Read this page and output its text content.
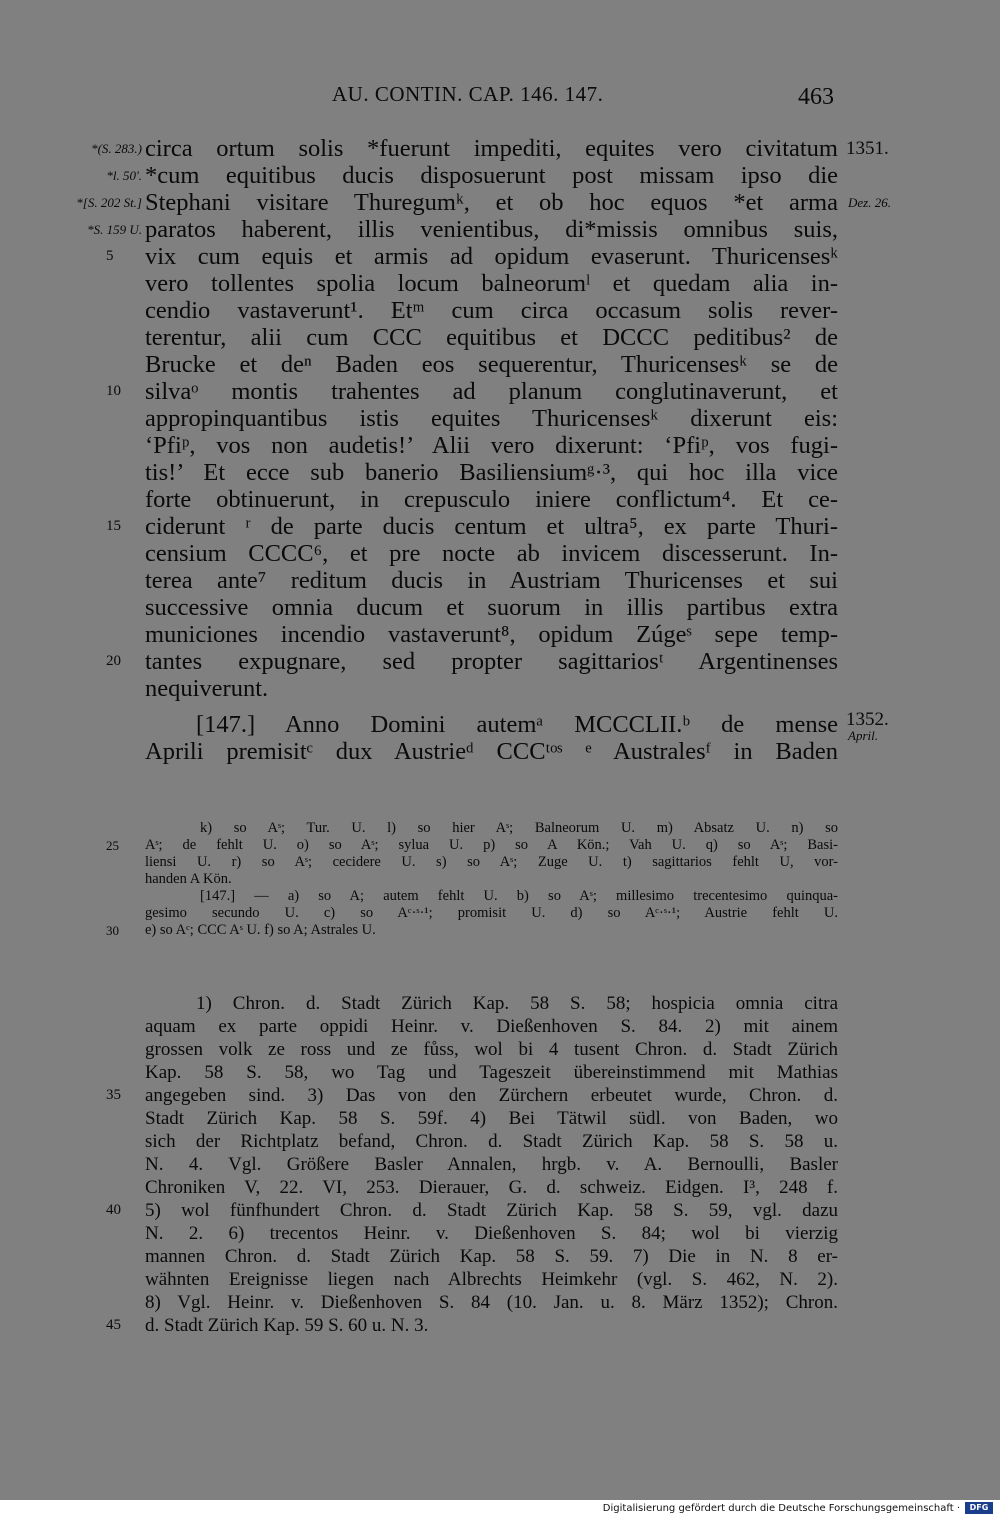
AU. CONTIN. CAP. 146. 147.	463
circa ortum solis *fuerunt impediti, equites vero civitatum
*cum equitibus ducis disposuerunt post missam ipso die
Stephani visitare Thuregumᵏ, et ob hoc equos *et arma
paratos haberent, illis venientibus, di*missis omnibus suis,
vix cum equis et armis ad opidum evaserunt. Thuricensesᵏ
vero tollentes spolia locum balneorumˡ et quedam alia in-
cendio vastaverunt¹. Etᵐ cum circa occasum solis rever-
terentur, alii cum CCC equitibus et DCCC peditibus² de
Brucke et deⁿ Baden eos sequerentur, Thuricensesᵏ se de
silvaᵒ montis trahentes ad planum conglutinaverunt, et
appropinquantibus istis equites Thuricensesᵏ dixerunt eis:
‘Pfiᵖ, vos non audetis!’ Alii vero dixerunt: ‘Pfiᵖ, vos fugi-
tis!’ Et ecce sub banerio Basiliensiumᵍ·³, qui hoc illa vice
forte obtinuerunt, in crepusculo iniere conflictum⁴. Et ce-
ciderunt ʳ de parte ducis centum et ultra⁵, ex parte Thuri-
censium CCCC⁶, et pre nocte ab invicem discesserunt. In-
terea ante⁷ reditum ducis in Austriam Thuricenses et sui
successive omnia ducum et suorum in illis partibus extra
municiones incendio vastaverunt⁸, opidum Zúgeˢ sepe temp-
tantes expugnare, sed propter sagittariosᵗ Argentinenses
nequiverunt.
[147.] Anno Domini autemᵃ MCCCLII.ᵇ de mense
Aprili premisitᶜ dux Austrieᵈ CCCᵗᵒˢ ᵉ Australesᶠ in Baden
5
10
15
20
*(S. 283.)
*l. 50'.
*[S. 202 St.]
*S. 159 U.
1351.
Dez. 26.
1352.
April.
k) so Aˢ; Tur. U. l) so hier Aˢ; Balneorum U. m) Absatz U. n) so
Aˢ; de fehlt U. o) so Aˢ; sylua U. p) so A Kön.; Vah U. q) so Aˢ; Basi-
liensi U. r) so Aˢ; cecidere U. s) so Aˢ; Zuge U. t) sagittarios fehlt U, vor-
handen A Kön.
[147.] — a) so A; autem fehlt U. b) so Aˢ; millesimo trecentesimo quinqua-
gesimo secundo U. c) so Aᶜ·ˢ·¹; promisit U. d) so Aᶜ·ˢ·¹; Austrie fehlt U.
e) so Aᶜ; CCC Aˢ U. f) so A; Astrales U.
25
30
1) Chron. d. Stadt Zürich Kap. 58 S. 58; hospicia omnia citra
aquam ex parte oppidi Heinr. v. Dießenhoven S. 84. 2) mit ainem
grossen volk ze ross und ze fůss, wol bi 4 tusent Chron. d. Stadt Zürich
Kap. 58 S. 58, wo Tag und Tageszeit übereinstimmend mit Mathias
angegeben sind. 3) Das von den Zürchern erbeutet wurde, Chron. d.
Stadt Zürich Kap. 58 S. 59f. 4) Bei Tätwil südl. von Baden, wo
sich der Richtplatz befand, Chron. d. Stadt Zürich Kap. 58 S. 58 u.
N. 4. Vgl. Größere Basler Annalen, hrgb. v. A. Bernoulli, Basler
Chroniken V, 22. VI, 253. Dierauer, G. d. schweiz. Eidgen. I³, 248 f.
5) wol fünfhundert Chron. d. Stadt Zürich Kap. 58 S. 59, vgl. dazu
N. 2. 6) trecentos Heinr. v. Dießenhoven S. 84; wol bi vierzig
mannen Chron. d. Stadt Zürich Kap. 58 S. 59. 7) Die in N. 8 er-
wähnten Ereignisse liegen nach Albrechts Heimkehr (vgl. S. 462, N. 2).
8) Vgl. Heinr. v. Dießenhoven S. 84 (10. Jan. u. 8. März 1352); Chron.
d. Stadt Zürich Kap. 59 S. 60 u. N. 3.
35
40
45
Digitalisierung gefördert durch die Deutsche Forschungsgemeinschaft ·	DFG
